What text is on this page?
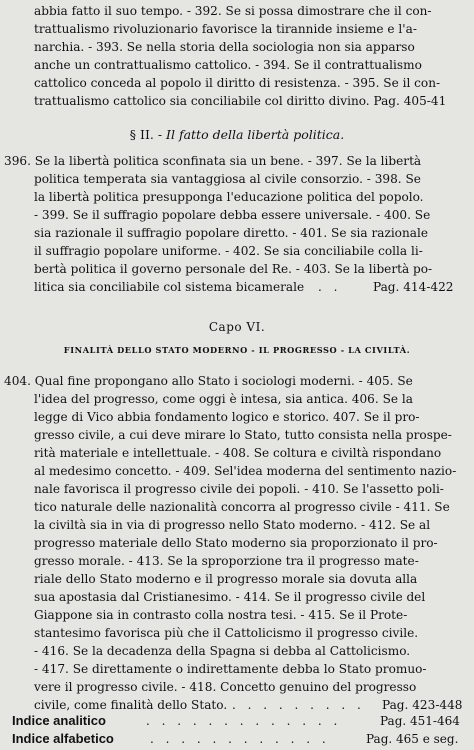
abbia fatto il suo tempo. - 392. Se si possa dimostrare che il con-
trattualismo rivoluzionario favorisce la tirannide insieme e l'a-
narchia. - 393. Se nella storia della sociologia non sia apparso
anche un contrattualismo cattolico. - 394. Se il contrattualismo
cattolico conceda al popolo il diritto di resistenza. - 395. Se il con-
trattualismo cattolico sia conciliabile col diritto divino. Pag. 405-41
§ II. - Il fatto della libertà politica.
396. Se la libertà politica sconfinata sia un bene. - 397. Se la libertà
politica temperata sia vantaggiosa al civile consorzio. - 398. Se
la libertà politica presupponga l'educazione politica del popolo.
- 399. Se il suffragio popolare debba essere universale. - 400. Se
sia razionale il suffragio popolare diretto. - 401. Se sia razionale
il suffragio popolare uniforme. - 402. Se sia conciliabile colla li-
bertà politica il governo personale del Re. - 403. Se la libertà po-
litica sia conciliabile col sistema bicamerale . .	Pag. 414-422
Capo VI.
FINALITÀ DELLO STATO MODERNO - IL PROGRESSO - LA CIVILTÀ.
404. Qual fine propongano allo Stato i sociologi moderni. - 405. Se
l'idea del progresso, come oggi è intesa, sia antica. 406. Se la
legge di Vico abbia fondamento logico e storico. 407. Se il pro-
gresso civile, a cui deve mirare lo Stato, tutto consista nella prospe-
rità materiale e intellettuale. - 408. Se coltura e civiltà rispondano
al medesimo concetto. - 409. Sel'idea moderna del sentimento nazio-
nale favorisca il progresso civile dei popoli. - 410. Se l'assetto poli-
tico naturale delle nazionalità concorra al progresso civile - 411. Se
la civiltà sia in via di progresso nello Stato moderno. - 412. Se al
progresso materiale dello Stato moderno sia proporzionato il pro-
gresso morale. - 413. Se la sproporzione tra il progresso mate-
riale dello Stato moderno e il progresso morale sia dovuta alla
sua apostasia dal Cristianesimo. - 414. Se il progresso civile del
Giappone sia in contrasto colla nostra tesi. - 415. Se il Prote-
stantesimo favorisca più che il Cattolicismo il progresso civile.
- 416. Se la decadenza della Spagna si debba al Cattolicismo.
- 417. Se direttamente o indirettamente debba lo Stato promuo-
vere il progresso civile. - 418. Concetto genuino del progresso
civile, come finalità dello Stato. . . . . . . . . . Pag. 423-448
Indice analitico	. . . . . . . . . . . . .	Pag. 451-464
Indice alfabetico	. . . . . . . . . . . .	Pag. 465 e seg.
